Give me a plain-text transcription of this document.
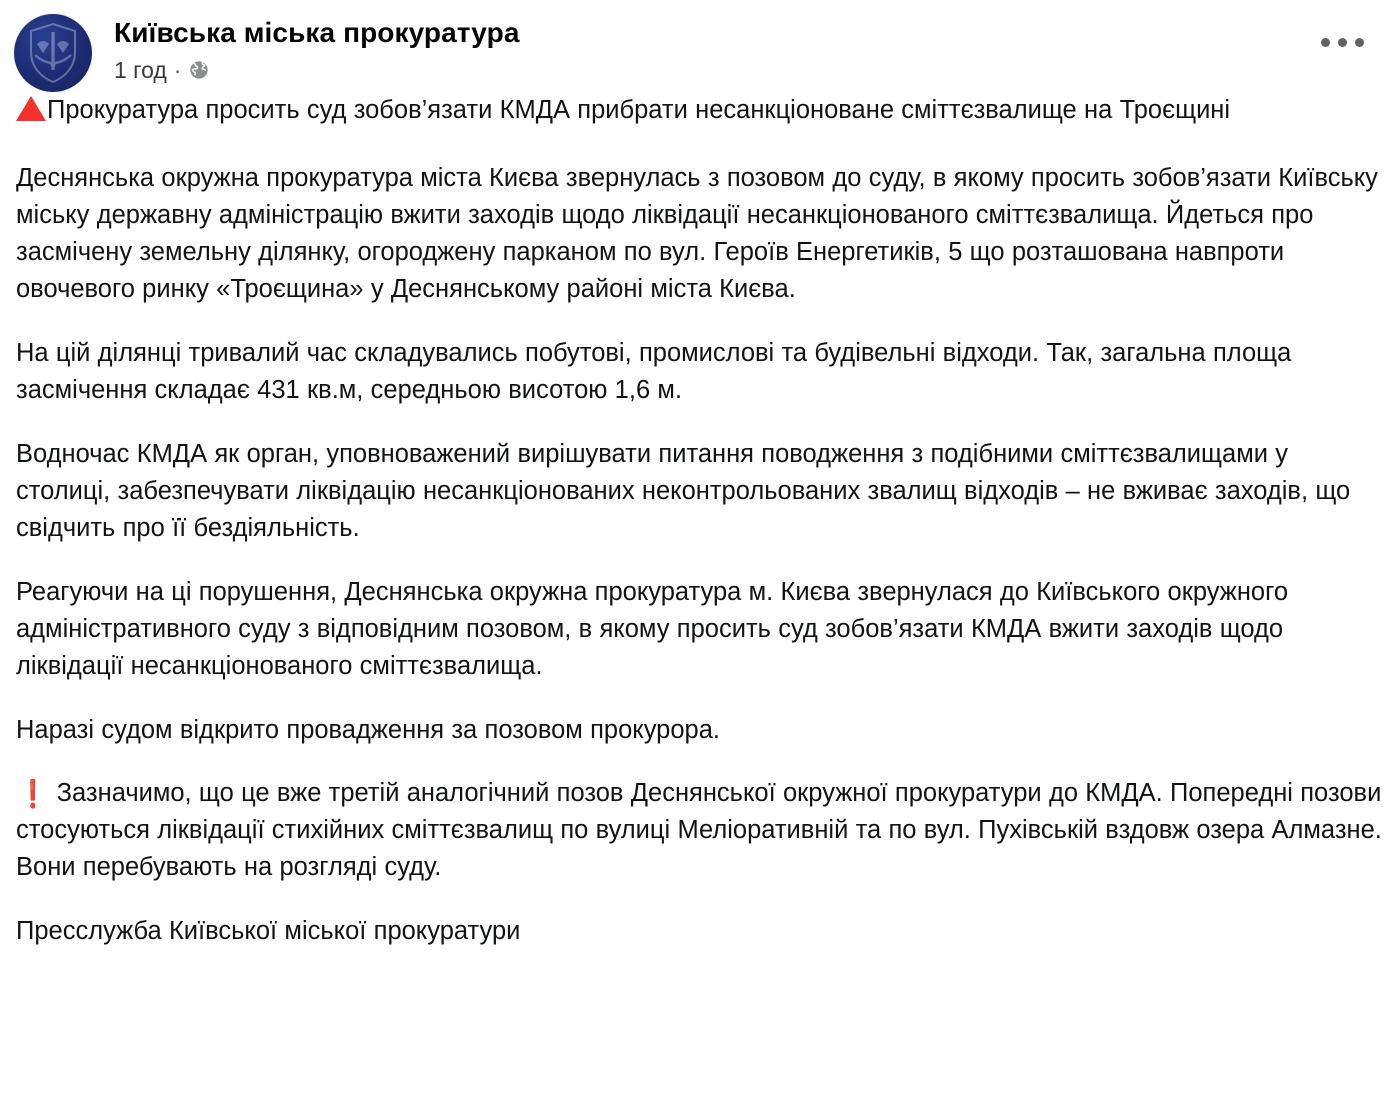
Київська міська прокуратура
1 год ·

Прокуратура просить суд зобов’язати КМДА прибрати несанкціоноване сміттєзвалище на Троєщині

Деснянська окружна прокуратура міста Києва звернулась з позовом до суду, в якому просить зобов’язати Київську міську державну адміністрацію вжити заходів щодо ліквідації несанкціонованого сміттєзвалища. Йдеться про засмічену земельну ділянку, огороджену парканом по вул. Героїв Енергетиків, 5 що розташована навпроти овочевого ринку «Троєщина» у Деснянському районі міста Києва.

На цій ділянці тривалий час складувались побутові, промислові та будівельні відходи. Так, загальна площа засмічення складає 431 кв.м, середньою висотою 1,6 м.

Водночас КМДА як орган, уповноважений вирішувати питання поводження з подібними сміттєзвалищами у столиці, забезпечувати ліквідацію несанкціонованих неконтрольованих звалищ відходів – не вживає заходів, що свідчить про її бездіяльність.

Реагуючи на ці порушення, Деснянська окружна прокуратура м. Києва звернулася до Київського окружного адміністративного суду з відповідним позовом, в якому просить суд зобов’язати КМДА вжити заходів щодо ліквідації несанкціонованого сміттєзвалища.

Наразі судом відкрито провадження за позовом прокурора.

❗ Зазначимо, що це вже третій аналогічний позов Деснянської окружної прокуратури до КМДА. Попередні позови стосуються ліквідації стихійних сміттєзвалищ по вулиці Меліоративній та по вул. Пухівській вздовж озера Алмазне. Вони перебувають на розгляді суду.

Пресслужба Київської міської прокуратури
